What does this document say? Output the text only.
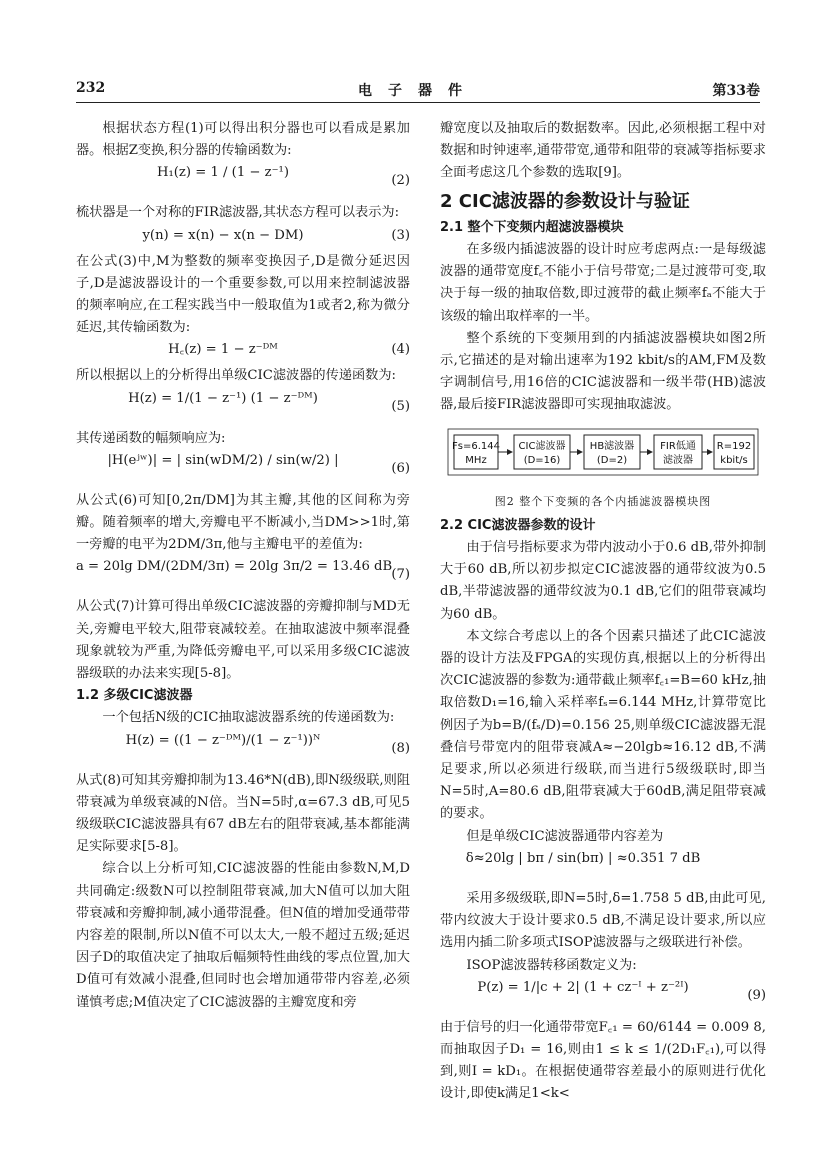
232	电子器件	第33卷

根据状态方程(1)可以得出积分器也可以看成是累加器。根据Z变换,积分器的传输函数为:

H₁(z) = 1 / (1 − z⁻¹)
(2)

梳状器是一个对称的FIR滤波器,其状态方程可以表示为:

y(n) = x(n) − x(n − DM)	(3)

在公式(3)中,M为整数的频率变换因子,D是微分延迟因子,D是滤波器设计的一个重要参数,可以用来控制滤波器的频率响应,在工程实践当中一般取值为1或者2,称为微分延迟,其传输函数为:

H꜀(z) = 1 − z⁻ᴰᴹ	(4)

所以根据以上的分析得出单级CIC滤波器的传递函数为:

H(z) = 1/(1 − z⁻¹) (1 − z⁻ᴰᴹ)
(5)

其传递函数的幅频响应为:

|H(eʲʷ)| = | sin(wDM/2) / sin(w/2) |
(6)

从公式(6)可知[0,2π/DM]为其主瓣,其他的区间称为旁瓣。随着频率的增大,旁瓣电平不断减小,当DM>>1时,第一旁瓣的电平为2DM/3π,他与主瓣电平的差值为:

a = 20lg DM/(2DM/3π) = 20lg 3π/2 = 13.46 dB
(7)

从公式(7)计算可得出单级CIC滤波器的旁瓣抑制与MD无关,旁瓣电平较大,阻带衰减较差。在抽取滤波中频率混叠现象就较为严重,为降低旁瓣电平,可以采用多级CIC滤波器级联的办法来实现[5-8]。

1.2 多级CIC滤波器

一个包括N级的CIC抽取滤波器系统的传递函数为:

H(z) = ((1 − z⁻ᴰᴹ)/(1 − z⁻¹))ᴺ
(8)

从式(8)可知其旁瓣抑制为13.46*N(dB),即N级级联,则阻带衰减为单级衰减的N倍。当N=5时,α=67.3 dB,可见5级级联CIC滤波器具有67 dB左右的阻带衰减,基本都能满足实际要求[5-8]。

综合以上分析可知,CIC滤波器的性能由参数N,M,D共同确定:级数N可以控制阻带衰减,加大N值可以加大阻带衰减和旁瓣抑制,减小通带混叠。但N值的增加受通带带内容差的限制,所以N值不可以太大,一般不超过五级;延迟因子D的取值决定了抽取后幅频特性曲线的零点位置,加大D值可有效减小混叠,但同时也会增加通带带内容差,必须谨慎考虑;M值决定了CIC滤波器的主瓣宽度和旁

瓣宽度以及抽取后的数据数率。因此,必须根据工程中对数据和时钟速率,通带带宽,通带和阻带的衰减等指标要求全面考虑这几个参数的选取[9]。

2 CIC滤波器的参数设计与验证
2.1 整个下变频内超滤波器模块

在多级内插滤波器的设计时应考虑两点:一是每级滤波器的通带宽度f꜀不能小于信号带宽;二是过渡带可变,取决于每一级的抽取倍数,即过渡带的截止频率fₐ不能大于该级的输出取样率的一半。

整个系统的下变频用到的内插滤波器模块如图2所示,它描述的是对输出速率为192 kbit/s的AM,FM及数字调制信号,用16倍的CIC滤波器和一级半带(HB)滤波器,最后接FIR滤波器即可实现抽取滤波。

Fs=6.144
MHz
CIC滤波器
(D=16)
HB滤波器
(D=2)
FIR低通
滤波器
R=192
kbit/s
图2 整个下变频的各个内插滤波器模块图
2.2 CIC滤波器参数的设计

由于信号指标要求为带内波动小于0.6 dB,带外抑制大于60 dB,所以初步拟定CIC滤波器的通带纹波为0.5 dB,半带滤波器的通带纹波为0.1 dB,它们的阻带衰减均为60 dB。

本文综合考虑以上的各个因素只描述了此CIC滤波器的设计方法及FPGA的实现仿真,根据以上的分析得出次CIC滤波器的参数为:通带截止频率f꜀₁=B=60 kHz,抽取倍数D₁=16,输入采样率fₛ=6.144 MHz,计算带宽比例因子为b=B/(fₛ/D)=0.156 25,则单级CIC滤波器无混叠信号带宽内的阻带衰减A≈−20lgb≈16.12 dB,不满足要求,所以必须进行级联,而当进行5级级联时,即当N=5时,A=80.6 dB,阻带衰减大于60dB,满足阻带衰减的要求。

但是单级CIC滤波器通带内容差为

δ≈20lg | bπ / sin(bπ) | ≈0.351 7 dB

采用多级级联,即N=5时,δ=1.758 5 dB,由此可见,带内纹波大于设计要求0.5 dB,不满足设计要求,所以应选用内插二阶多项式ISOP滤波器与之级联进行补偿。

ISOP滤波器转移函数定义为:

P(z) = 1/|c + 2| (1 + cz⁻ᴵ + z⁻²ᴵ)
(9)

由于信号的归一化通带带宽F꜀₁ = 60/6144 = 0.009 8,而抽取因子D₁ = 16,则由1 ≤ k ≤ 1/(2D₁F꜀₁),可以得到,则I = kD₁。在根据使通带容差最小的原则进行优化设计,即使k满足1<k<
